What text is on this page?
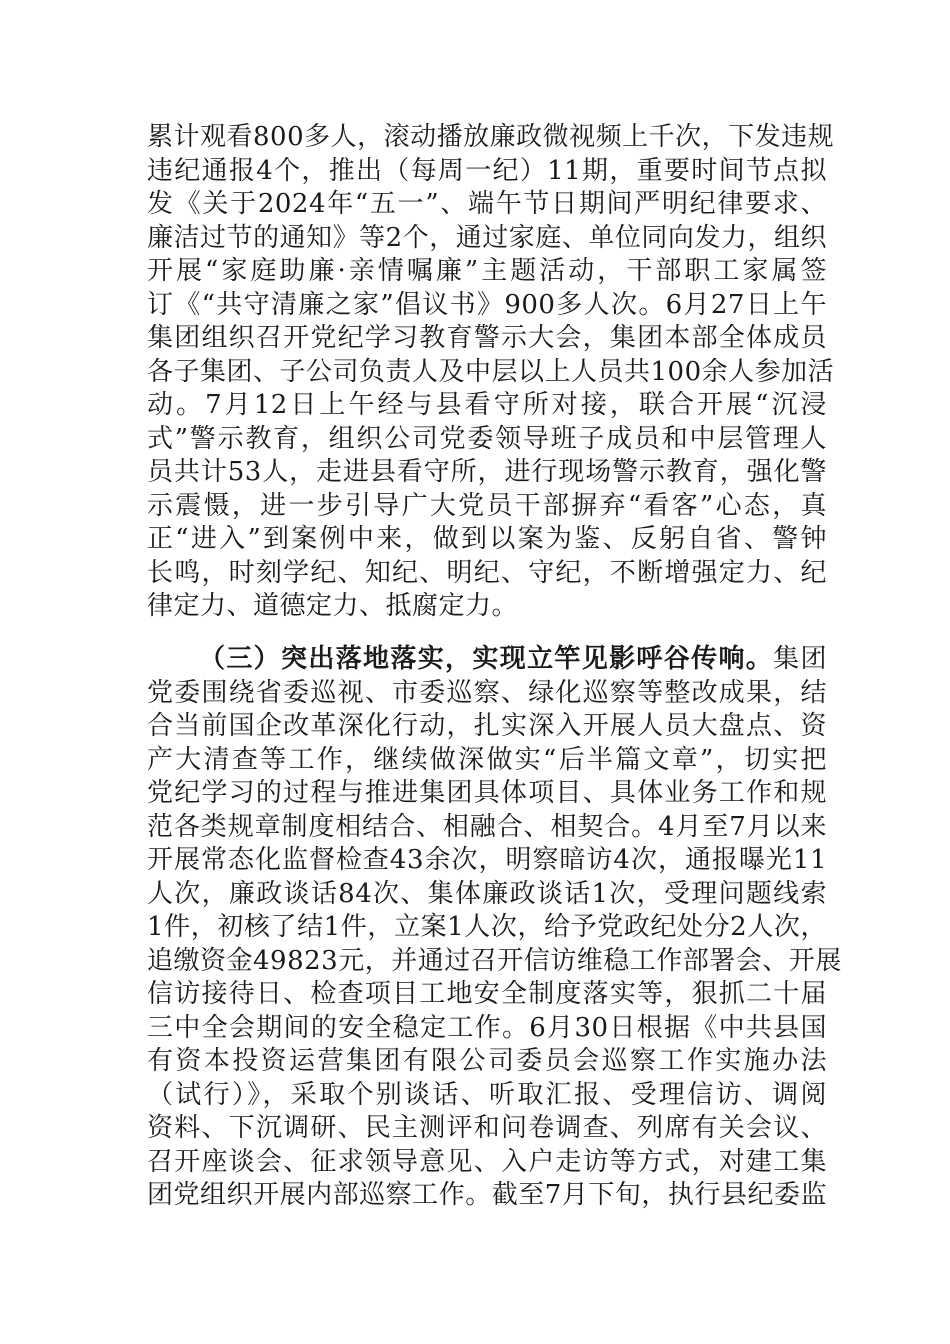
累计观看800多人，滚动播放廉政微视频上千次，下发违规
违纪通报4个，推出（每周一纪）11期，重要时间节点拟
发《关于2024年“五一”、端午节日期间严明纪律要求、
廉洁过节的通知》等2个，通过家庭、单位同向发力，组织
开展“家庭助廉·亲情嘱廉”主题活动，干部职工家属签
订《“共守清廉之家”倡议书》900多人次。6月27日上午
集团组织召开党纪学习教育警示大会，集团本部全体成员
各子集团、子公司负责人及中层以上人员共100余人参加活
动。7月12日上午经与县看守所对接，联合开展“沉浸
式”警示教育，组织公司党委领导班子成员和中层管理人
员共计53人，走进县看守所，进行现场警示教育，强化警
示震慑，进一步引导广大党员干部摒弃“看客”心态，真
正“进入”到案例中来，做到以案为鉴、反躬自省、警钟
长鸣，时刻学纪、知纪、明纪、守纪，不断增强定力、纪
律定力、道德定力、抵腐定力。
（三）突出落地落实，实现立竿见影呼谷传响。集团
党委围绕省委巡视、市委巡察、绿化巡察等整改成果，结
合当前国企改革深化行动，扎实深入开展人员大盘点、资
产大清查等工作，继续做深做实“后半篇文章”，切实把
党纪学习的过程与推进集团具体项目、具体业务工作和规
范各类规章制度相结合、相融合、相契合。4月至7月以来
开展常态化监督检查43余次，明察暗访4次，通报曝光11
人次，廉政谈话84次、集体廉政谈话1次，受理问题线索
1件，初核了结1件，立案1人次，给予党政纪处分2人次，
追缴资金49823元，并通过召开信访维稳工作部署会、开展
信访接待日、检查项目工地安全制度落实等，狠抓二十届
三中全会期间的安全稳定工作。6月30日根据《中共县国
有资本投资运营集团有限公司委员会巡察工作实施办法
（试行）》，采取个别谈话、听取汇报、受理信访、调阅
资料、下沉调研、民主测评和问卷调查、列席有关会议、
召开座谈会、征求领导意见、入户走访等方式，对建工集
团党组织开展内部巡察工作。截至7月下旬，执行县纪委监
